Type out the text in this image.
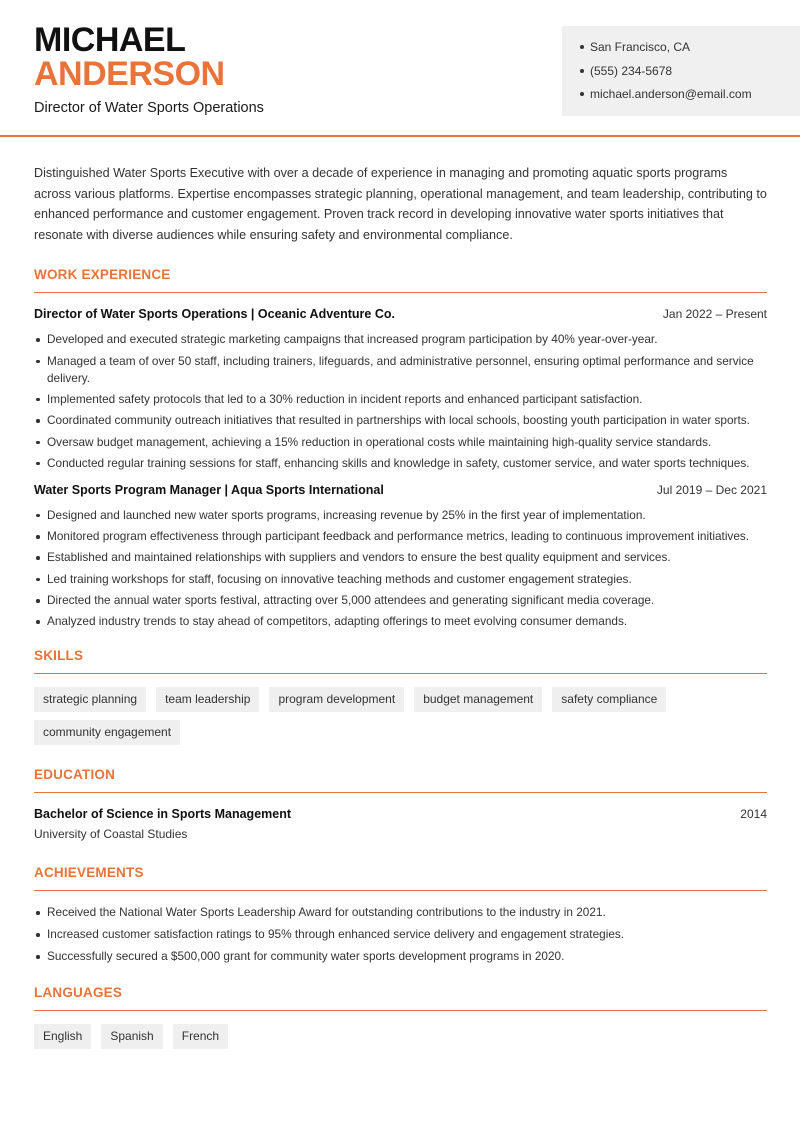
MICHAEL
ANDERSON
Director of Water Sports Operations
San Francisco, CA
(555) 234-5678
michael.anderson@email.com

Distinguished Water Sports Executive with over a decade of experience in managing and promoting aquatic sports programs across various platforms. Expertise encompasses strategic planning, operational management, and team leadership, contributing to enhanced performance and customer engagement. Proven track record in developing innovative water sports initiatives that resonate with diverse audiences while ensuring safety and environmental compliance.

WORK EXPERIENCE
Director of Water Sports Operations | Oceanic Adventure Co.	Jan 2022 – Present
Developed and executed strategic marketing campaigns that increased program participation by 40% year-over-year.
Managed a team of over 50 staff, including trainers, lifeguards, and administrative personnel, ensuring optimal performance and service delivery.
Implemented safety protocols that led to a 30% reduction in incident reports and enhanced participant satisfaction.
Coordinated community outreach initiatives that resulted in partnerships with local schools, boosting youth participation in water sports.
Oversaw budget management, achieving a 15% reduction in operational costs while maintaining high-quality service standards.
Conducted regular training sessions for staff, enhancing skills and knowledge in safety, customer service, and water sports techniques.
Water Sports Program Manager | Aqua Sports International	Jul 2019 – Dec 2021
Designed and launched new water sports programs, increasing revenue by 25% in the first year of implementation.
Monitored program effectiveness through participant feedback and performance metrics, leading to continuous improvement initiatives.
Established and maintained relationships with suppliers and vendors to ensure the best quality equipment and services.
Led training workshops for staff, focusing on innovative teaching methods and customer engagement strategies.
Directed the annual water sports festival, attracting over 5,000 attendees and generating significant media coverage.
Analyzed industry trends to stay ahead of competitors, adapting offerings to meet evolving consumer demands.
SKILLS
strategic planning	team leadership	program development	budget management	safety compliance
community engagement
EDUCATION
Bachelor of Science in Sports Management	2014
University of Coastal Studies
ACHIEVEMENTS
Received the National Water Sports Leadership Award for outstanding contributions to the industry in 2021.
Increased customer satisfaction ratings to 95% through enhanced service delivery and engagement strategies.
Successfully secured a $500,000 grant for community water sports development programs in 2020.
LANGUAGES
English	Spanish	French
